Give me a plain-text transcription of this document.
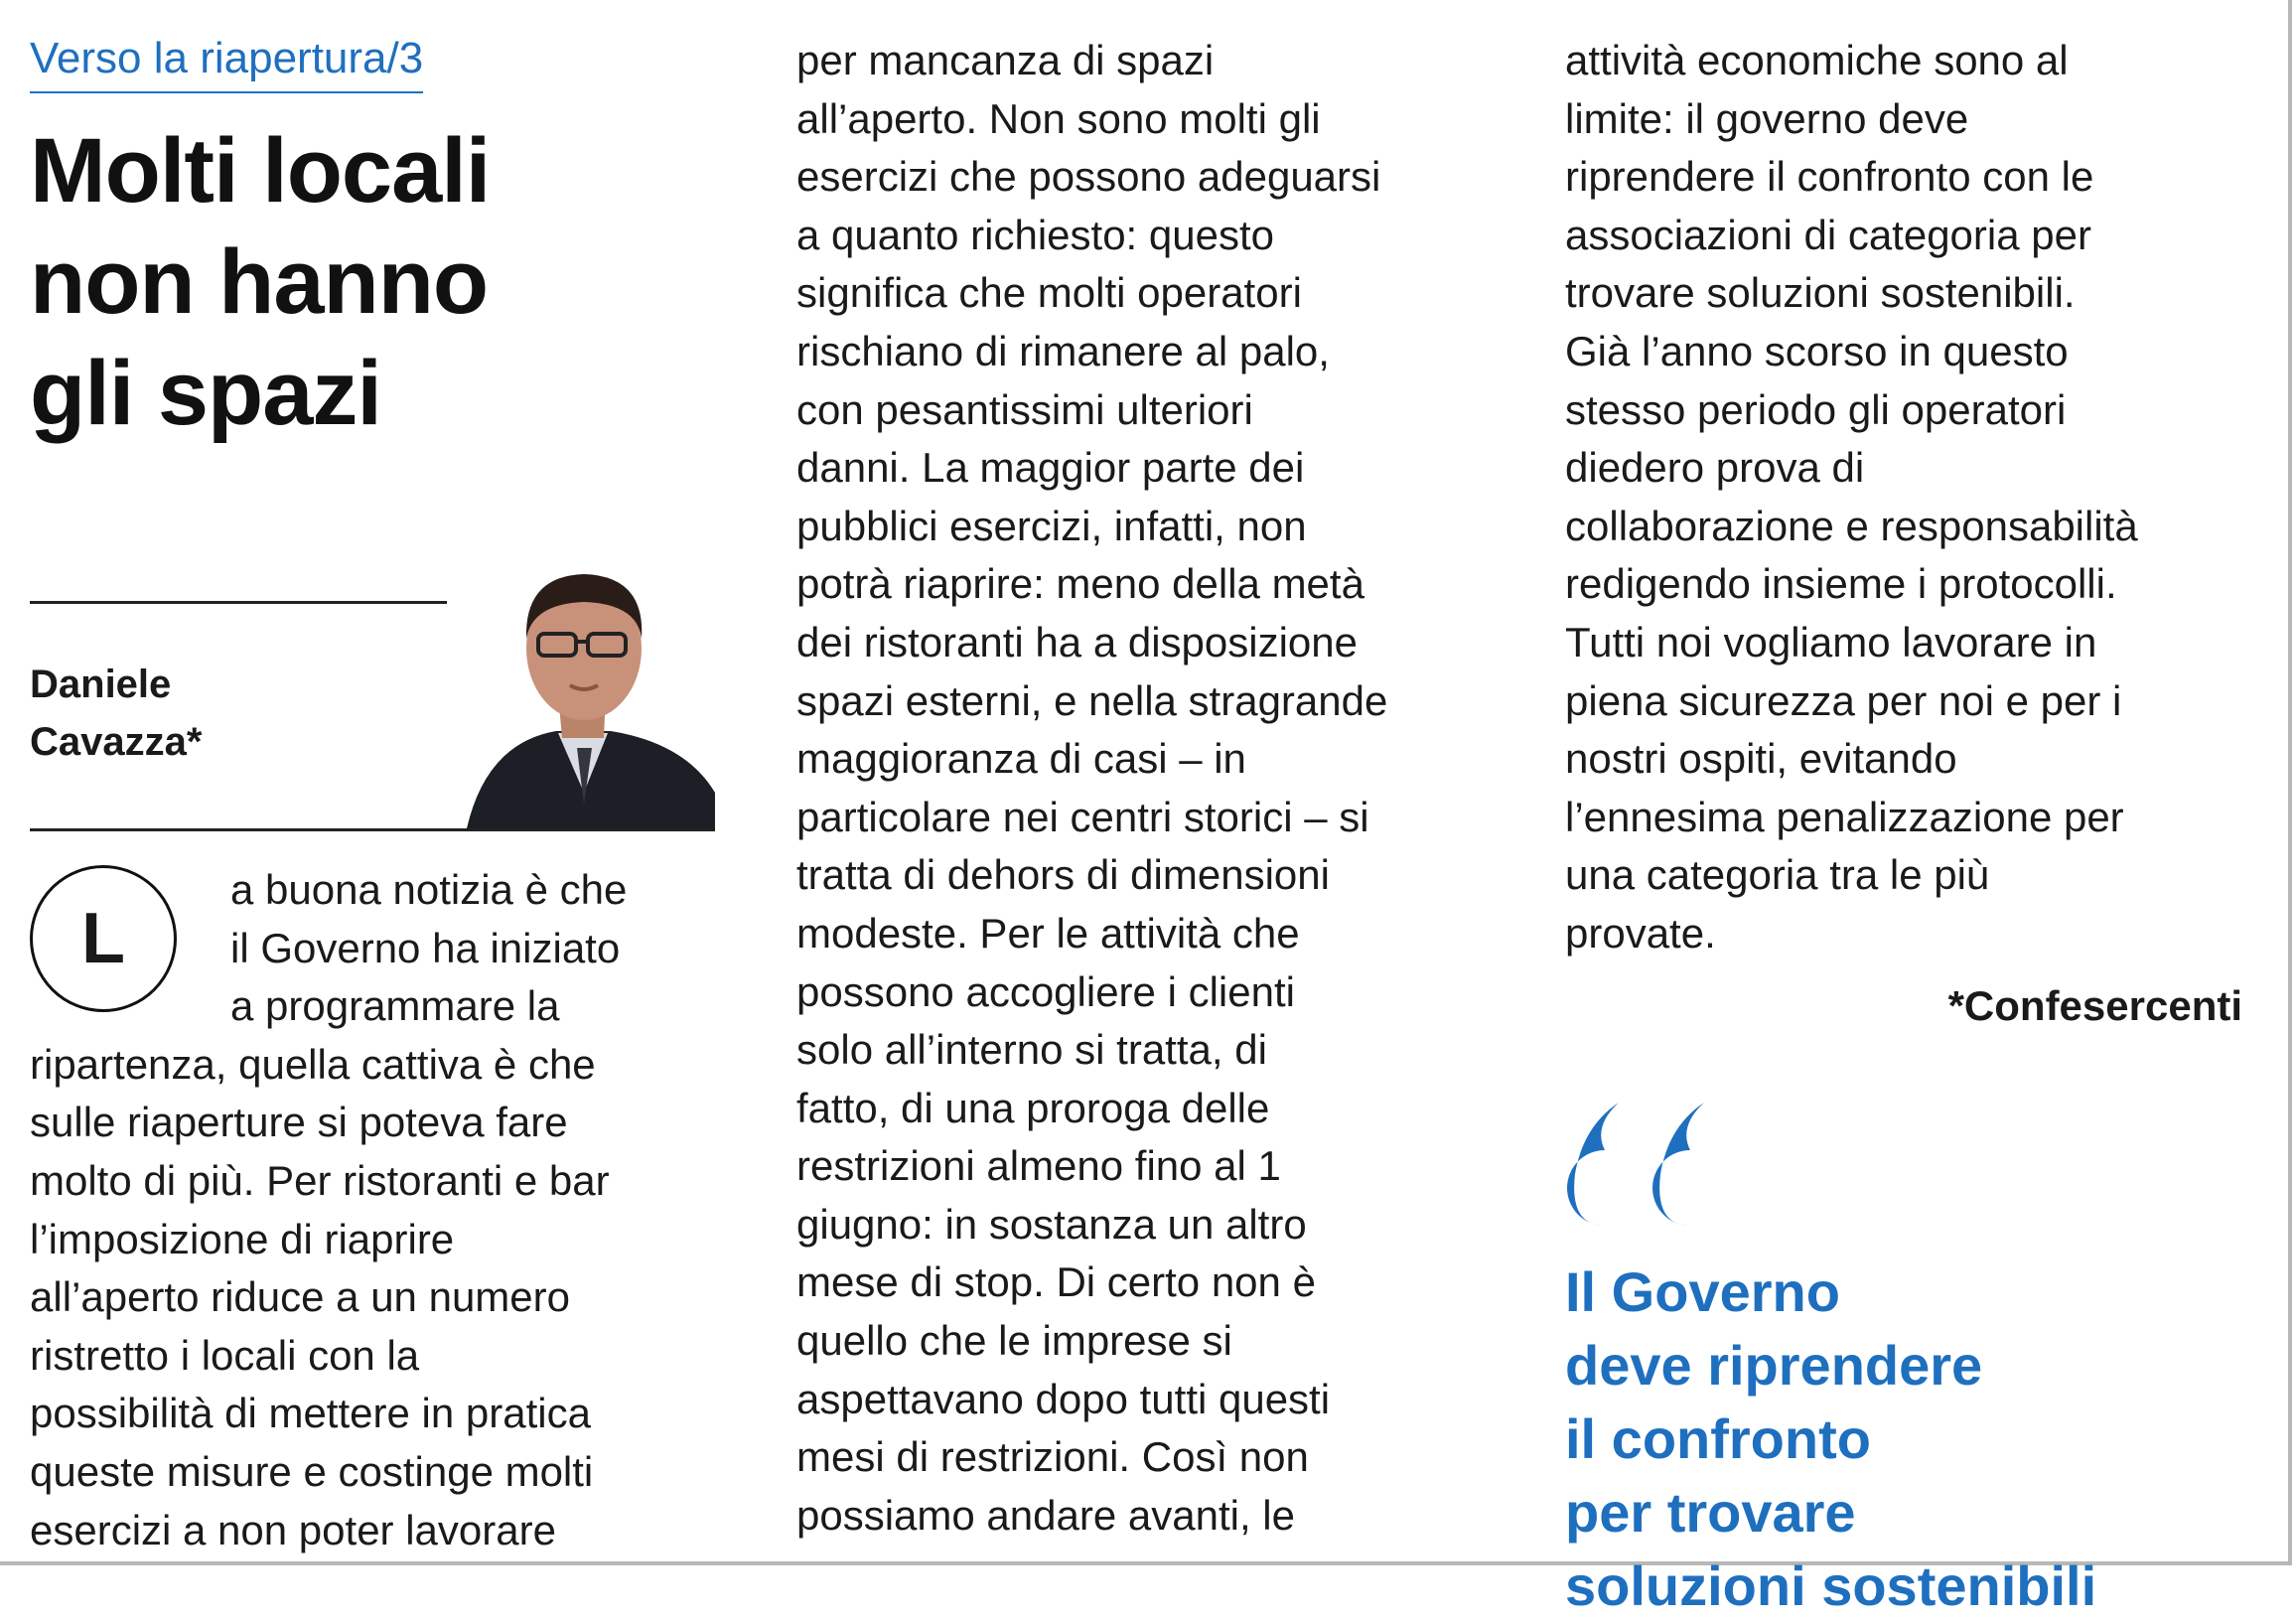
Verso la riapertura/3
Molti locali
non hanno
gli spazi
Daniele
Cavazza*
L
a buona notizia è che
il Governo ha iniziato
a programmare la
ripartenza, quella cattiva è che
sulle riaperture si poteva fare
molto di più. Per ristoranti e bar
l’imposizione di riaprire
all’aperto riduce a un numero
ristretto i locali con la
possibilità di mettere in pratica
queste misure e costinge molti
esercizi a non poter lavorare
per mancanza di spazi
all’aperto. Non sono molti gli
esercizi che possono adeguarsi
a quanto richiesto: questo
significa che molti operatori
rischiano di rimanere al palo,
con pesantissimi ulteriori
danni. La maggior parte dei
pubblici esercizi, infatti, non
potrà riaprire: meno della metà
dei ristoranti ha a disposizione
spazi esterni, e nella stragrande
maggioranza di casi – in
particolare nei centri storici – si
tratta di dehors di dimensioni
modeste. Per le attività che
possono accogliere i clienti
solo all’interno si tratta, di
fatto, di una proroga delle
restrizioni almeno fino al 1
giugno: in sostanza un altro
mese di stop. Di certo non è
quello che le imprese si
aspettavano dopo tutti questi
mesi di restrizioni. Così non
possiamo andare avanti, le
attività economiche sono al
limite: il governo deve
riprendere il confronto con le
associazioni di categoria per
trovare soluzioni sostenibili.
Già l’anno scorso in questo
stesso periodo gli operatori
diedero prova di
collaborazione e responsabilità
redigendo insieme i protocolli.
Tutti noi vogliamo lavorare in
piena sicurezza per noi e per i
nostri ospiti, evitando
l’ennesima penalizzazione per
una categoria tra le più
provate.
*Confesercenti
Il Governo
deve riprendere
il confronto
per trovare
soluzioni sostenibili
